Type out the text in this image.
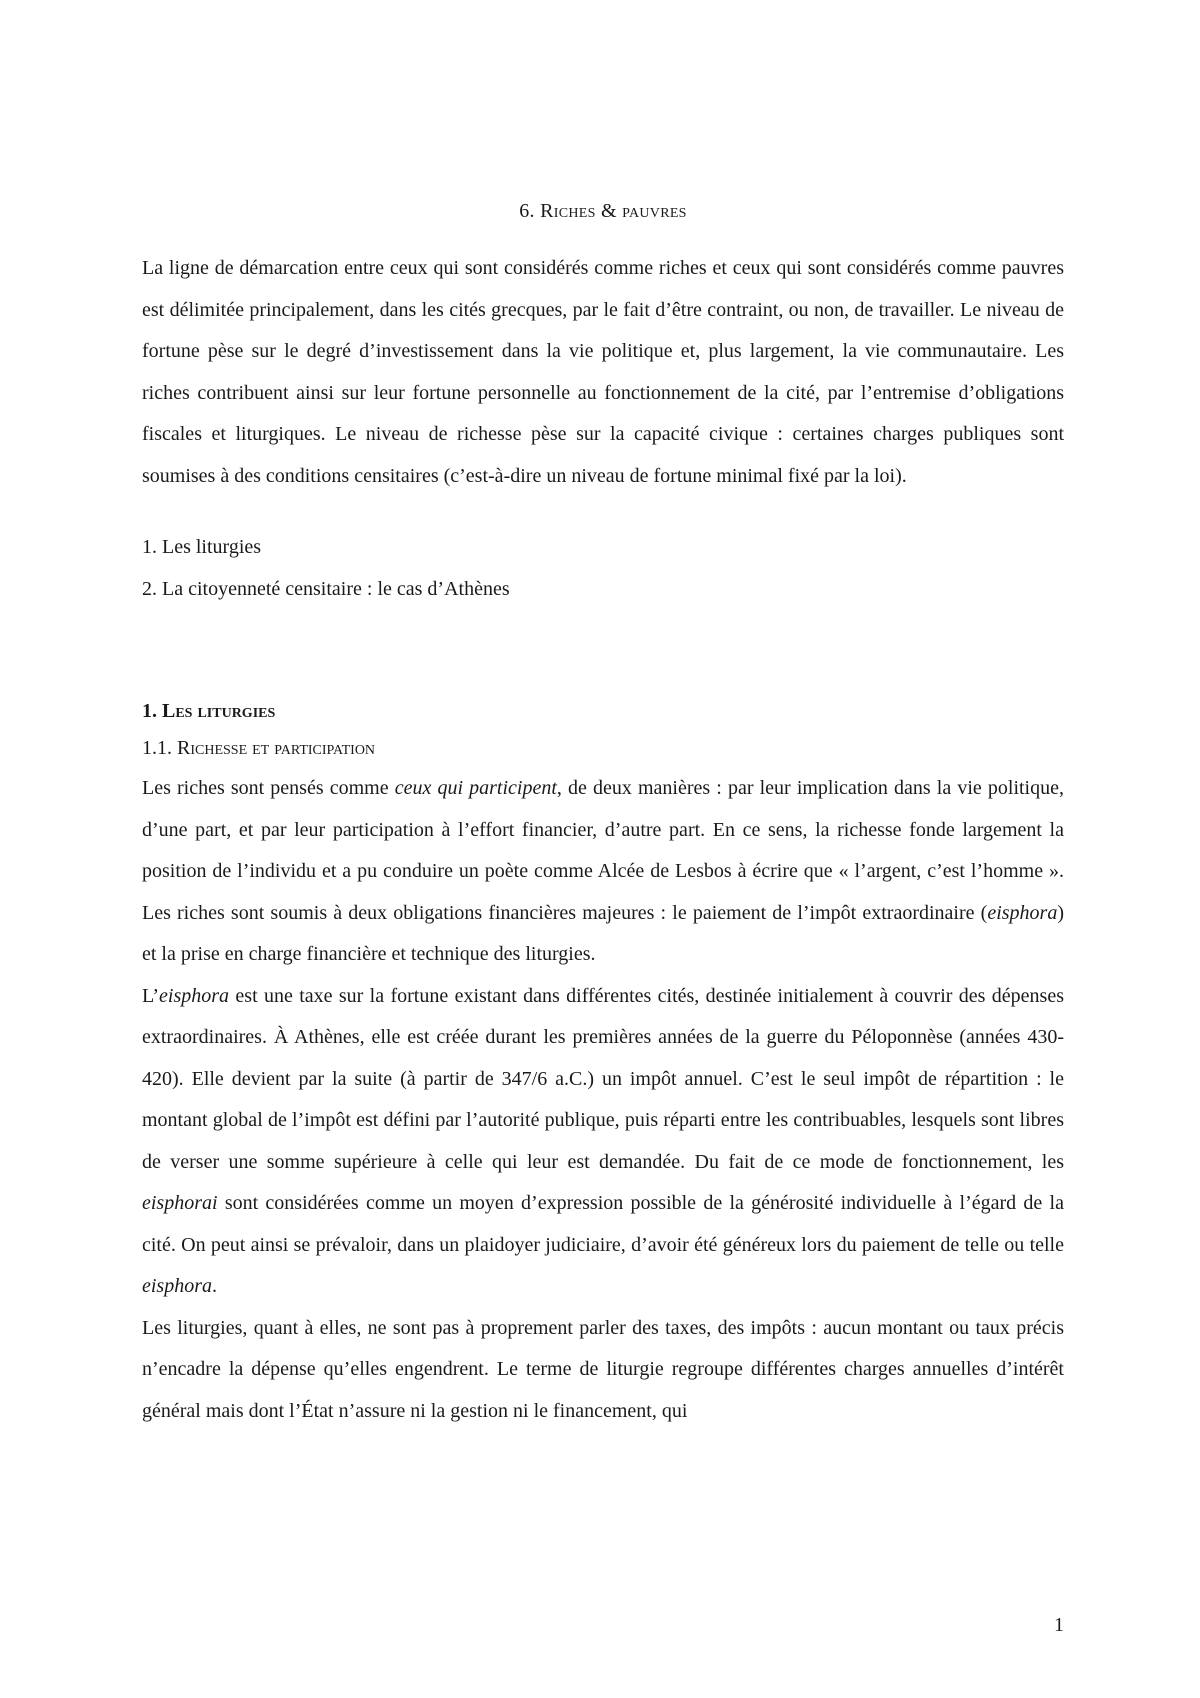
6. Riches & pauvres

La ligne de démarcation entre ceux qui sont considérés comme riches et ceux qui sont considérés comme pauvres est délimitée principalement, dans les cités grecques, par le fait d’être contraint, ou non, de travailler. Le niveau de fortune pèse sur le degré d’investissement dans la vie politique et, plus largement, la vie communautaire. Les riches contribuent ainsi sur leur fortune personnelle au fonctionnement de la cité, par l’entremise d’obligations fiscales et liturgiques. Le niveau de richesse pèse sur la capacité civique : certaines charges publiques sont soumises à des conditions censitaires (c’est-à-dire un niveau de fortune minimal fixé par la loi).

1. Les liturgies

2. La citoyenneté censitaire : le cas d’Athènes

1. Les liturgies
1.1. Richesse et participation

Les riches sont pensés comme ceux qui participent, de deux manières : par leur implication dans la vie politique, d’une part, et par leur participation à l’effort financier, d’autre part. En ce sens, la richesse fonde largement la position de l’individu et a pu conduire un poète comme Alcée de Lesbos à écrire que « l’argent, c’est l’homme ». Les riches sont soumis à deux obligations financières majeures : le paiement de l’impôt extraordinaire (eisphora) et la prise en charge financière et technique des liturgies.

L’eisphora est une taxe sur la fortune existant dans différentes cités, destinée initialement à couvrir des dépenses extraordinaires. À Athènes, elle est créée durant les premières années de la guerre du Péloponnèse (années 430-420). Elle devient par la suite (à partir de 347/6 a.C.) un impôt annuel. C’est le seul impôt de répartition : le montant global de l’impôt est défini par l’autorité publique, puis réparti entre les contribuables, lesquels sont libres de verser une somme supérieure à celle qui leur est demandée. Du fait de ce mode de fonctionnement, les eisphorai sont considérées comme un moyen d’expression possible de la générosité individuelle à l’égard de la cité. On peut ainsi se prévaloir, dans un plaidoyer judiciaire, d’avoir été généreux lors du paiement de telle ou telle eisphora.

Les liturgies, quant à elles, ne sont pas à proprement parler des taxes, des impôts : aucun montant ou taux précis n’encadre la dépense qu’elles engendrent. Le terme de liturgie regroupe différentes charges annuelles d’intérêt général mais dont l’État n’assure ni la gestion ni le financement, qui

1
